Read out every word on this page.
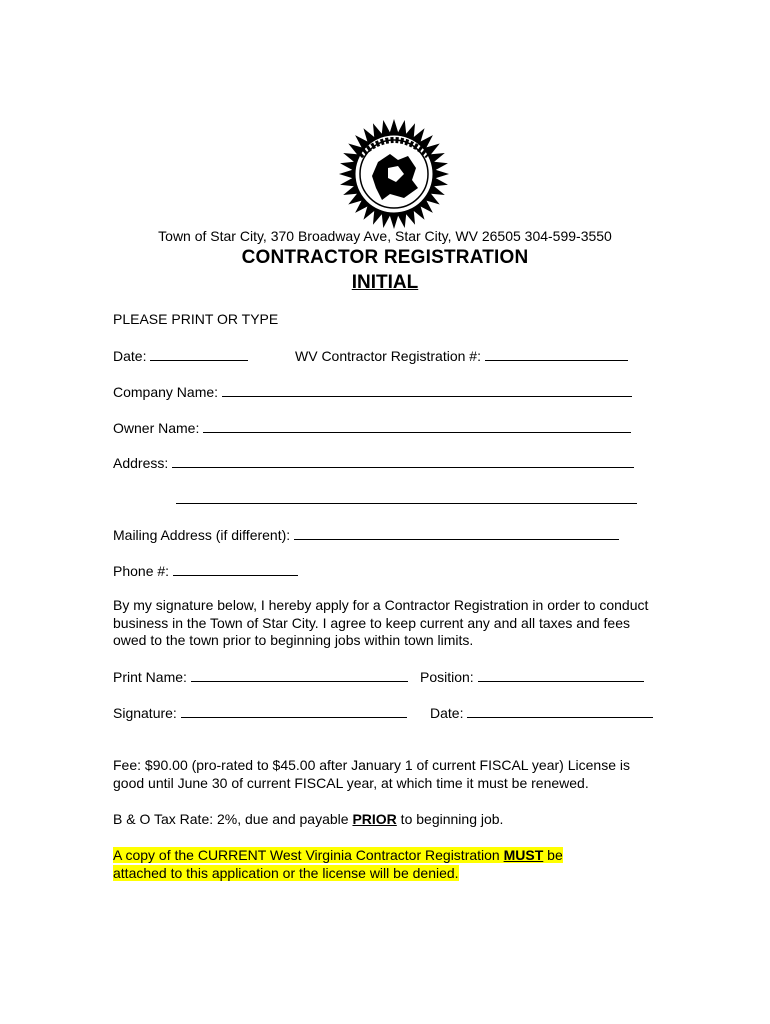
Town of Star City, 370 Broadway Ave, Star City, WV 26505 304-599-3550
CONTRACTOR REGISTRATION
INITIAL
PLEASE PRINT OR TYPE
Date:	WV Contractor Registration #:
Company Name:
Owner Name:
Address:
Mailing Address (if different):
Phone #:
By my signature below, I hereby apply for a Contractor Registration in order to conduct business in the Town of Star City. I agree to keep current any and all taxes and fees owed to the town prior to beginning jobs within town limits.
Print Name:	Position:
Signature:	Date:
Fee: $90.00 (pro-rated to $45.00 after January 1 of current FISCAL year) License is good until June 30 of current FISCAL year, at which time it must be renewed.
B & O Tax Rate: 2%, due and payable PRIOR to beginning job.
A copy of the CURRENT West Virginia Contractor Registration MUST be attached to this application or the license will be denied.
